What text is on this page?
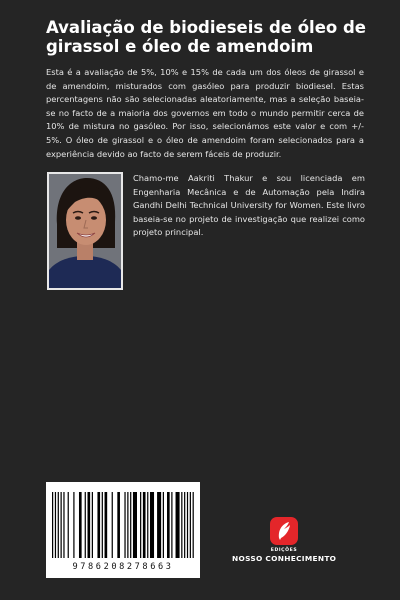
Avaliação de biodieseis de óleo de girassol e óleo de amendoim

Esta é a avaliação de 5%, 10% e 15% de cada um dos óleos de girassol e de amendoim, misturados com gasóleo para produzir biodiesel. Estas percentagens não são selecionadas aleatoriamente, mas a seleção baseia-se no facto de a maioria dos governos em todo o mundo permitir cerca de 10% de mistura no gasóleo. Por isso, selecionámos este valor e com +/- 5%. O óleo de girassol e o óleo de amendoim foram selecionados para a experiência devido ao facto de serem fáceis de produzir.

Chamo-me Aakriti Thakur e sou licenciada em Engenharia Mecânica e de Automação pela Indira Gandhi Delhi Technical University for Women. Este livro baseia-se no projeto de investigação que realizei como projeto principal.

9786208278663
EDIÇÕES
NOSSO CONHECIMENTO
